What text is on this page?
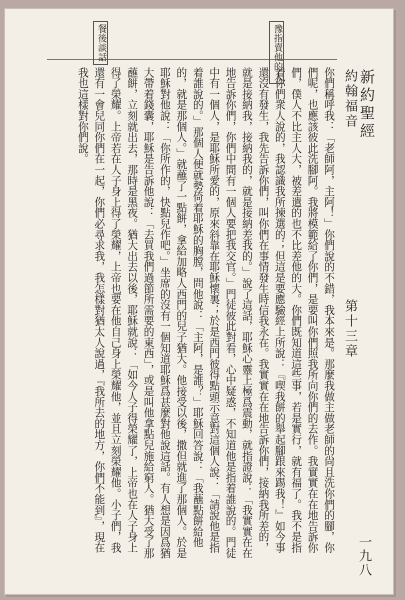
新約聖經
約翰福音
第十三章
一九八

你們稱呼我：「老師阿，主阿！」你們說的不錯，我本來是。那麼我做主做老師的尙且洗你們的腳，你們呢，也應該彼此洗腳阿。我將模範給了你們，是要叫你們照我所向你們的去作。我實實在在地告訴你們，僕人不比主人大，被差遣的也不比差他的大。你們既知道這些事，若是實行，就有福了。我不是指着你們衆人說的，我認識我所揀選的；但這是要應驗經上所說：『喫我餅的舉起腳跟來踢我！』如今事還沒有發生，我先告訴你們，叫你們在事情發生時信我永在。我實實在在地告訴你們，接納我所差的，就是接納我，接納我的，就是接納差我的。」說了這話，耶穌心靈上極爲震動，就指證說：「我實實在在地告訴你們，你們中間有一個人要把我交官。」門徒彼此對看，心中疑惑，不知道他是指着誰說的。門徒中有一個人，是耶穌所愛的，原來斜靠在耶穌懷裏；於是西門彼得點頭示意對這個人說：「請說他是指着誰說的。」那個人便就勢倚着耶穌的胸膛，問他說：「主阿，是誰？」耶穌回答說：「我蘸點餅給他的，就是那個人。」就蘸了一點餅，拿給加略人西門的兒子猶大。他接受以後，撒但就進了那個人。於是耶穌對他說：「你所作的，快點兒作吧。」坐席的沒有一個知道耶穌爲甚麼對他說這話。有人想是因爲猶大帶着錢囊，耶穌是告訴他說：「去買我們過節所需要的東西」，或是叫他拿點兒施給窮人。猶大受了那蘸餅，立刻就出去，那時是黑夜。猶大出去以後，耶穌就說：「如今人子得榮耀了，上帝也在人子身上得了榮耀。上帝若在人子身上得了榮耀，上帝也要在他自己身上榮耀他，並且立刻榮耀他。小子們，我還有一會兒同你們在一起，你們必尋求我，我怎樣對猶太人說過，『我所去的地方，你們不能到』，現在我也這樣對你們說。

豫指賣他的人
餐後談話
